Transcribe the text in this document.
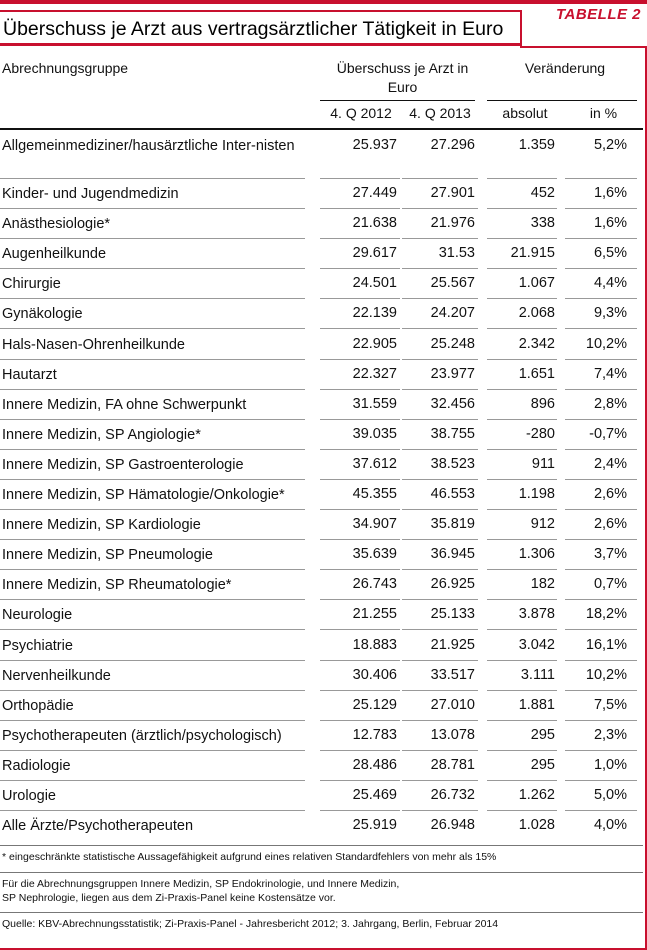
TABELLE 2
Überschuss je Arzt aus vertragsärztlicher Tätigkeit in Euro
Abrechnungsgruppe	Überschuss je Arzt in Euro
Veränderung
4. Q 2012	4. Q 2013	absolut	in %
Allgemeinmediziner/hausärztliche Inter-nisten	25.937	27.296	1.359	5,2%
Kinder- und Jugendmedizin	27.449	27.901	452	1,6%
Anästhesiologie*	21.638	21.976	338	1,6%
Augenheilkunde	29.617	31.53	21.915	6,5%
Chirurgie	24.501	25.567	1.067	4,4%
Gynäkologie	22.139	24.207	2.068	9,3%
Hals-Nasen-Ohrenheilkunde	22.905	25.248	2.342	10,2%
Hautarzt	22.327	23.977	1.651	7,4%
Innere Medizin, FA ohne Schwerpunkt	31.559	32.456	896	2,8%
Innere Medizin, SP Angiologie*	39.035	38.755	-280	-0,7%
Innere Medizin, SP Gastroenterologie	37.612	38.523	911	2,4%
Innere Medizin, SP Hämatologie/Onkologie*	45.355	46.553	1.198	2,6%
Innere Medizin, SP Kardiologie	34.907	35.819	912	2,6%
Innere Medizin, SP Pneumologie	35.639	36.945	1.306	3,7%
Innere Medizin, SP Rheumatologie*	26.743	26.925	182	0,7%
Neurologie	21.255	25.133	3.878	18,2%
Psychiatrie	18.883	21.925	3.042	16,1%
Nervenheilkunde	30.406	33.517	3.111	10,2%
Orthopädie	25.129	27.010	1.881	7,5%
Psychotherapeuten (ärztlich/psychologisch)	12.783	13.078	295	2,3%
Radiologie	28.486	28.781	295	1,0%
Urologie	25.469	26.732	1.262	5,0%
Alle Ärzte/Psychotherapeuten	25.919	26.948	1.028	4,0%
* eingeschränkte statistische Aussagefähigkeit aufgrund eines relativen Standardfehlers von mehr als 15%
Für die Abrechnungsgruppen Innere Medizin, SP Endokrinologie, und Innere Medizin,
SP Nephrologie, liegen aus dem Zi-Praxis-Panel keine Kostensätze vor.
Quelle: KBV-Abrechnungsstatistik; Zi-Praxis-Panel - Jahresbericht 2012; 3. Jahrgang, Berlin, Februar 2014
